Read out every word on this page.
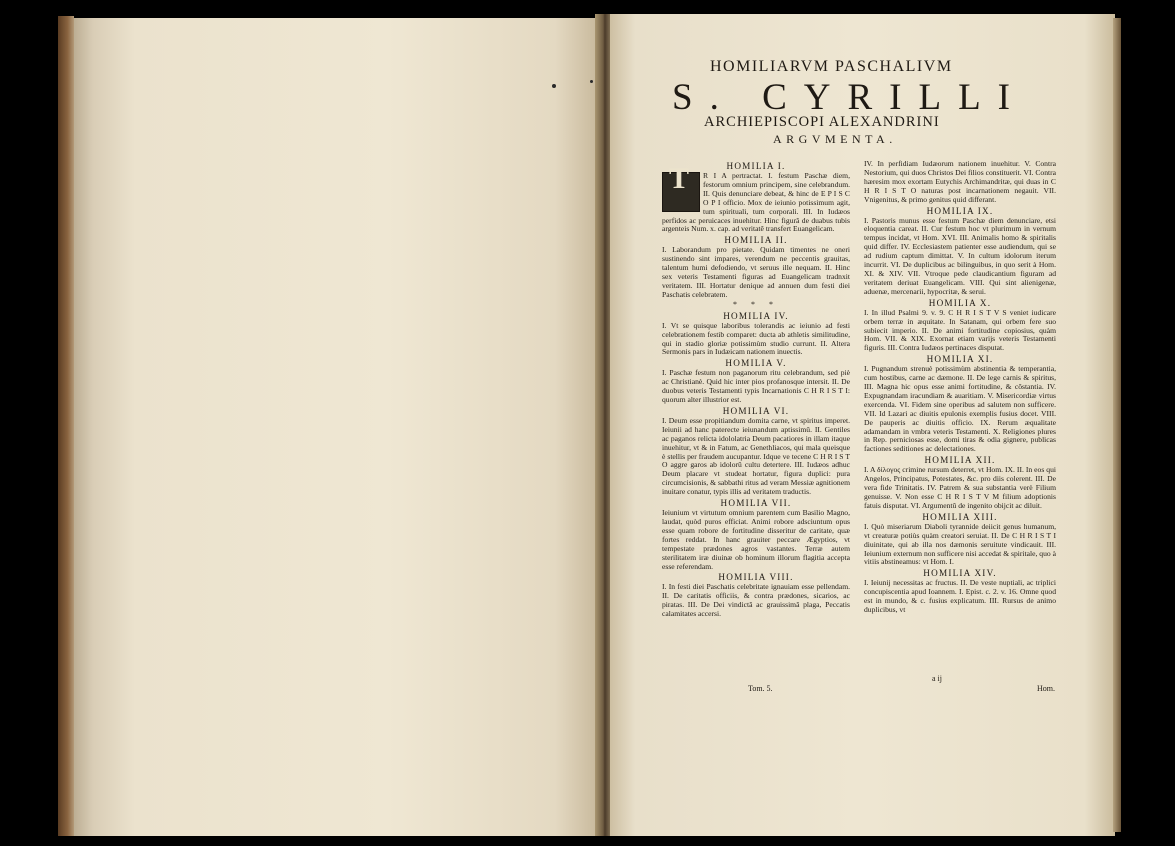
HOMILIARVM PASCHALIVM
S. CYRILLI
ARCHIEPISCOPI ALEXANDRINI
ARGVMENTA.
HOMILIA I.
T	R I A pertractat. I. festum Paschæ diem, festorum omnium principem, sine celebrandum. II. Quis denunciare debeat, & hinc de E P I S C O P I officio. Mox de ieiunio potissimum agit, tum spirituali, tum corporali. III. In Iudæos perfidos ac peruicaces inuehitur. Hinc figurã de duabus tubis argenteis Num. x. cap. ad veritatẽ transfert Euangelicam.

HOMILIA II.

I. Laborandum pro pietate. Quidam timentes ne oneri sustinendo sint impares, verendum ne peccentis grauitas, talentum humi defodiendo, vt seruus ille nequam. II. Hinc sex veteris Testamenti figuras ad Euangelicam tradnxit veritatem. III. Hortatur denique ad annuen dum festi diei Paschatis celebratem.

* * *
HOMILIA IV.

I. Vt se quisque laboribus tolerandis ac ieiunio ad festi celebrationem festib comparet: ducta ab athletis similitudine, qui in stadio gloriæ potissimùm studio currunt. II. Altera Sermonis pars in Iudæicam nationem inuectis.

HOMILIA V.

I. Paschæ festum non paganorum ritu celebrandum, sed piè ac Christianè. Quid hic inter pios profanosque intersit. II. De duobus veteris Testamenti typis Incarnationis C H R I S T I: quorum alter illustrior est.

HOMILIA VI.

I. Deum esse propitiandum domita carne, vt spiritus imperet. Ieiunii ad hanc paterecte ieiunandum aptissimũ. II. Gentiles ac paganos relicta idololatria Deum pacatiores in illam itaque inuehitur, vt & in Fatum, ac Genethliacos, qui mala queisque è stellis per fraudem aucupantur. Idque ve tecene C H R I S T O aggre garos ab idolorũ cultu detertere. III. Iudæos adhuc Deum placare vt studeat hortatur, figura duplici: pura circumcisionis, & sabbathi ritus ad veram Messiæ agnitionem inuitare conatur, typis illis ad veritatem traductis.

HOMILIA VII.

Ieiunium vt virtutum omnium parentem cum Basilio Magno, laudat, quòd puros efficiat. Animi robore adsciuntum opus esse quam robore de fortitudine disseritur de caritate, quæ fortes reddat. In hanc grauiter peccare Ægyptios, vt tempestate prædones agros vastantes. Terræ autem sterilitatem iræ diuinæ ob hominum illorum flagitia accepta esse referendam.

HOMILIA VIII.

I. In festi diei Paschatis celebritate ignauiam esse pellendam. II. De caritatis officiis, & contra prædones, sicarios, ac piratas. III. De Dei vindictã ac grauissimã plaga, Peccatis calamitates accersi.

IV. In perfidiam Iudæorum nationem inuehitur. V. Contra Nestorium, qui duos Christos Dei filios constituerit. VI. Contra hæresim mox exortam Eutychis Archimandritæ, qui duas in C H R I S T O naturas post incarnationem negauit. VII. Vnigenitus, & primo genitus quid differant.

HOMILIA IX.

I. Pastoris munus esse festum Paschæ diem denunciare, etsi eloquentia careat. II. Cur festum hoc vt plurimum in vernum tempus incidat, vt Hom. XVI. III. Animalis homo & spiritalis quid differ. IV. Ecclesiastem patienter esse audiendum, qui se ad rudium captum dimittat. V. In cultum idolorum iterum incurrit. VI. De duplicibus ac bilinguibus, in quo serit à Hom. XI. & XIV. VII. Vtroque pede claudicantium figuram ad veritatem deriuat Euangelicam. VIII. Qui sint alienigenæ, aduenæ, mercenarii, hypocritæ, & serui.

HOMILIA X.

I. In illud Psalmi 9. v. 9. C H R I S T V S veniet iudicare orbem terræ in æquitate. In Satanam, qui orbem fere suo subiecit imperio. II. De animi fortitudine copiosius, quàm Hom. VII. & XIX. Exornat etiam varijs veteris Testamenti figuris. III. Contra Iudæos pertinaces disputat.

HOMILIA XI.

I. Pugnandum strenuè potissimùm abstinentia & temperantia, cum hostibus, carne ac dæmone. II. De lege carnis & spiritus, III. Magna hic opus esse animi fortitudine, & cõstantia. IV. Expugnandam iracundiam & auaritiam. V. Misericordiæ virtus exercenda. VI. Fidem sine operibus ad salutem non sufficere. VII. Id Lazari ac diuitis epulonis exemplis fusius docet. VIII. De pauperis ac diuitis officio. IX. Rerum æqualitate adamandam in vmbra veteris Testamenti. X. Religiones plures in Rep. perniciosas esse, domi tiras & odia gignere, publicas factiones seditiones ac delectationes.

HOMILIA XII.

I. A δίλογος crimine rursum deterret, vt Hom. IX. II. In eos qui Angelos, Principatus, Potestates, &c. pro diis colerent. III. De vera fide Trinitatis. IV. Patrem & sua substantia verè Filium genuisse. V. Non esse C H R I S T V M filium adoptionis fatuis disputat. VI. Argumentũ de ingenito obijcit ac diluit.

HOMILIA XIII.

I. Quò miseriarum Diaboli tyrannide deiicit genus humanum, vt creaturæ potiùs quàm creatori seruiat. II. De C H R I S T I diuinitate, qui ab illa nos dæmonis seruitute vindicauit. III. Ieiunium externum non sufficere nisi accedat & spiritale, quo à vitiis abstineamus: vt Hom. I.

HOMILIA XIV.

I. Ieiunij necessitas ac fructus. II. De veste nuptiali, ac triplici concupiscentia apud Ioannem. I. Epist. c. 2. v. 16. Omne quod est in mundo, & c. fusius explicatum. III. Rursus de animo duplicibus, vt

Tom. 5.
a ij
Hom.
